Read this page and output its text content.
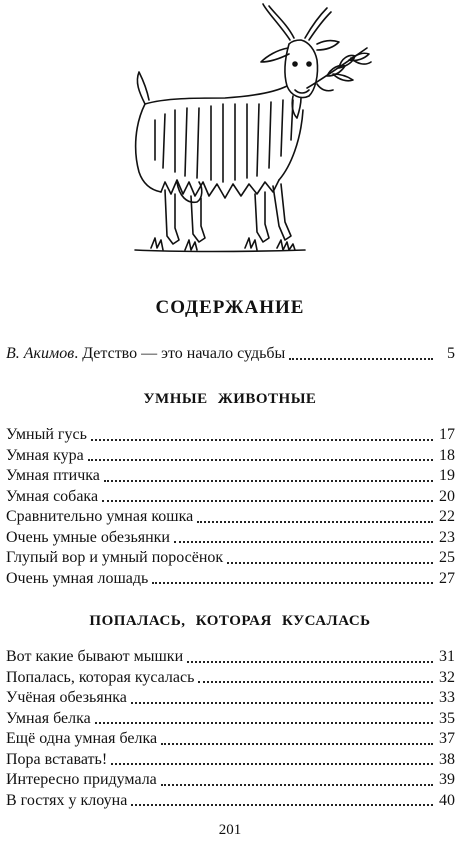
СОДЕРЖАНИЕ
В. Акимов. Детство — это начало судьбы	5
УМНЫЕ ЖИВОТНЫЕ
Умный гусь	17
Умная кура	18
Умная птичка	19
Умная собака	20
Сравнительно умная кошка	22
Очень умные обезьянки	23
Глупый вор и умный поросёнок	25
Очень умная лошадь	27
ПОПАЛАСЬ, КОТОРАЯ КУСАЛАСЬ
Вот какие бывают мышки	31
Попалась, которая кусалась	32
Учёная обезьянка	33
Умная белка	35
Ещё одна умная белка	37
Пора вставать!	38
Интересно придумала	39
В гостях у клоуна	40
201
